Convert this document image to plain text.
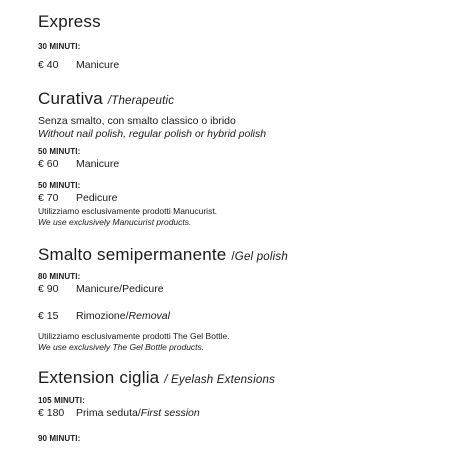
Express
30 MINUTI:
€ 40 Manicure
Curativa /Therapeutic
Senza smalto, con smalto classico o ibrido
Without nail polish, regular polish or hybrid polish
50 MINUTI:
€ 60 Manicure
50 MINUTI:
€ 70 Pedicure
Utilizziamo esclusivamente prodotti Manucurist.
We use exclusively Manucurist products.
Smalto semipermanente /Gel polish
80 MINUTI:
€ 90 Manicure/Pedicure
€ 15 Rimozione/Removal
Utilizziamo esclusivamente prodotti The Gel Bottle.
We use exclusively The Gel Bottle products.
Extension ciglia / Eyelash Extensions
105 MINUTI:
€ 180 Prima seduta/First session
90 MINUTI:
